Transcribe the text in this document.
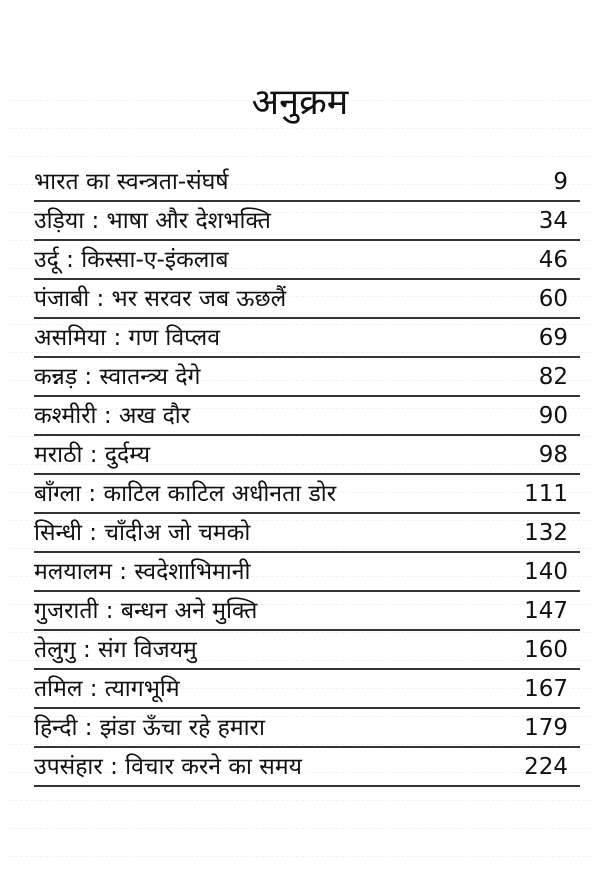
अनुक्रम
भारत का स्वन्त्रता-संघर्ष	9
उड़िया : भाषा और देशभक्ति	34
उर्दू : किस्सा-ए-इंकलाब	46
पंजाबी : भर सरवर जब ऊछलैं	60
असमिया : गण विप्लव	69
कन्नड़ : स्वातन्त्र्य देगे	82
कश्मीरी : अख दौर	90
मराठी : दुर्दम्य	98
बाँग्ला : काटिल काटिल अधीनता डोर	111
सिन्धी : चाँदीअ जो चमको	132
मलयालम : स्वदेशाभिमानी	140
गुजराती : बन्धन अने मुक्ति	147
तेलुगु : संग विजयमु	160
तमिल : त्यागभूमि	167
हिन्दी : झंडा ऊँचा रहे हमारा	179
उपसंहार : विचार करने का समय	224
